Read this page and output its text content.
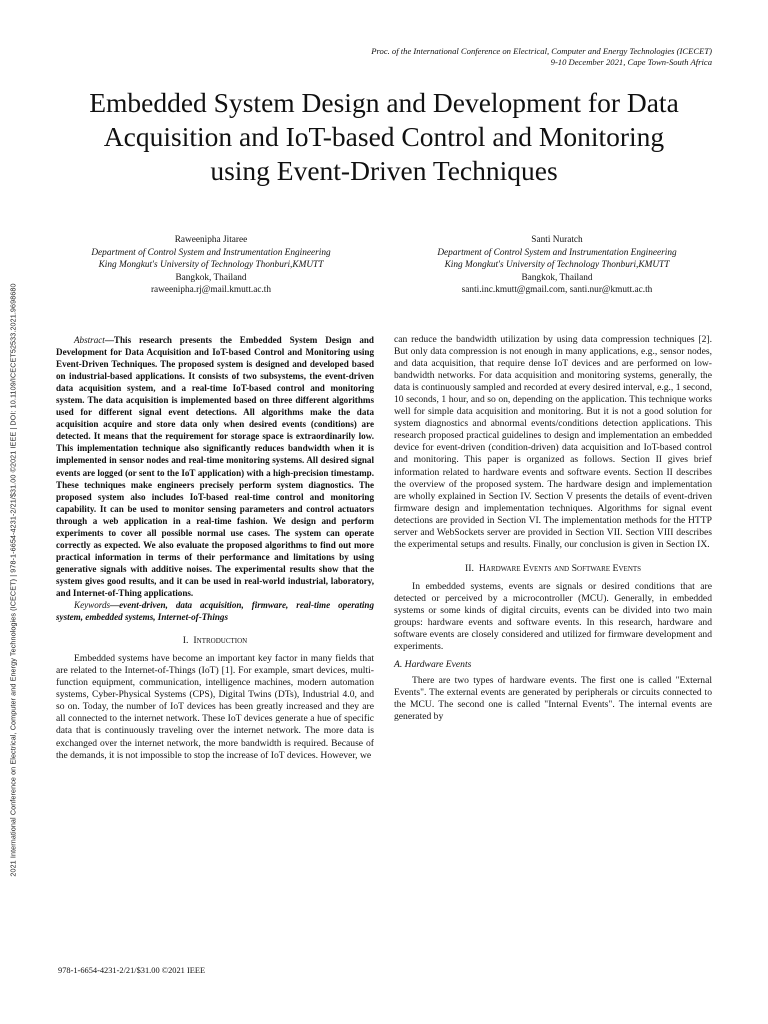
Proc. of the International Conference on Electrical, Computer and Energy Technologies (ICECET)
9-10 December 2021, Cape Town-South Africa
2021 International Conference on Electrical, Computer and Energy Technologies (ICECET) | 978-1-6654-4231-2/21/$31.00 ©2021 IEEE | DOI: 10.1109/ICECET52533.2021.9698680
Embedded System Design and Development for Data
Acquisition and IoT-based Control and Monitoring
using Event-Driven Techniques
Raweenipha Jitaree
Department of Control System and Instrumentation Engineering
King Mongkut's University of Technology Thonburi,KMUTT
Bangkok, Thailand
raweenipha.rj@mail.kmutt.ac.th
Santi Nuratch
Department of Control System and Instrumentation Engineering
King Mongkut's University of Technology Thonburi,KMUTT
Bangkok, Thailand
santi.inc.kmutt@gmail.com, santi.nur@kmutt.ac.th

Abstract—This research presents the Embedded System Design and Development for Data Acquisition and IoT-based Control and Monitoring using Event-Driven Techniques. The proposed system is designed and developed based on industrial-based applications. It consists of two subsystems, the event-driven data acquisition system, and a real-time IoT-based control and monitoring system. The data acquisition is implemented based on three different algorithms used for different signal event detections. All algorithms make the data acquisition acquire and store data only when desired events (conditions) are detected. It means that the requirement for storage space is extraordinarily low. This implementation technique also significantly reduces bandwidth when it is implemented in sensor nodes and real-time monitoring systems. All desired signal events are logged (or sent to the IoT application) with a high-precision timestamp. These techniques make engineers precisely perform system diagnostics. The proposed system also includes IoT-based real-time control and monitoring capability. It can be used to monitor sensing parameters and control actuators through a web application in a real-time fashion. We design and perform experiments to cover all possible normal use cases. The system can operate correctly as expected. We also evaluate the proposed algorithms to find out more practical information in terms of their performance and limitations by using generative signals with additive noises. The experimental results show that the system gives good results, and it can be used in real-world industrial, laboratory, and Internet-of-Thing applications.

Keywords—event-driven, data acquisition, firmware, real-time operating system, embedded systems, Internet-of-Things

I. Introduction

Embedded systems have become an important key factor in many fields that are related to the Internet-of-Things (IoT) [1]. For example, smart devices, multi-function equipment, communication, intelligence machines, modern automation systems, Cyber-Physical Systems (CPS), Digital Twins (DTs), Industrial 4.0, and so on. Today, the number of IoT devices has been greatly increased and they are all connected to the internet network. These IoT devices generate a hue of specific data that is continuously traveling over the internet network. The more data is exchanged over the internet network, the more bandwidth is required. Because of the demands, it is not impossible to stop the increase of IoT devices. However, we

can reduce the bandwidth utilization by using data compression techniques [2]. But only data compression is not enough in many applications, e.g., sensor nodes, and data acquisition, that require dense IoT devices and are performed on low-bandwidth networks. For data acquisition and monitoring systems, generally, the data is continuously sampled and recorded at every desired interval, e.g., 1 second, 10 seconds, 1 hour, and so on, depending on the application. This technique works well for simple data acquisition and monitoring. But it is not a good solution for system diagnostics and abnormal events/conditions detection applications. This research proposed practical guidelines to design and implementation an embedded device for event-driven (condition-driven) data acquisition and IoT-based control and monitoring. This paper is organized as follows. Section II gives brief information related to hardware events and software events. Section II describes the overview of the proposed system. The hardware design and implementation are wholly explained in Section IV. Section V presents the details of event-driven firmware design and implementation techniques. Algorithms for signal event detections are provided in Section VI. The implementation methods for the HTTP server and WebSockets server are provided in Section VII. Section VIII describes the experimental setups and results. Finally, our conclusion is given in Section IX.

II. Hardware Events and Software Events

In embedded systems, events are signals or desired conditions that are detected or perceived by a microcontroller (MCU). Generally, in embedded systems or some kinds of digital circuits, events can be divided into two main groups: hardware events and software events. In this research, hardware and software events are closely considered and utilized for firmware development and experiments.

A. Hardware Events

There are two types of hardware events. The first one is called "External Events". The external events are generated by peripherals or circuits connected to the MCU. The second one is called "Internal Events". The internal events are generated by

978-1-6654-4231-2/21/$31.00 ©2021 IEEE
